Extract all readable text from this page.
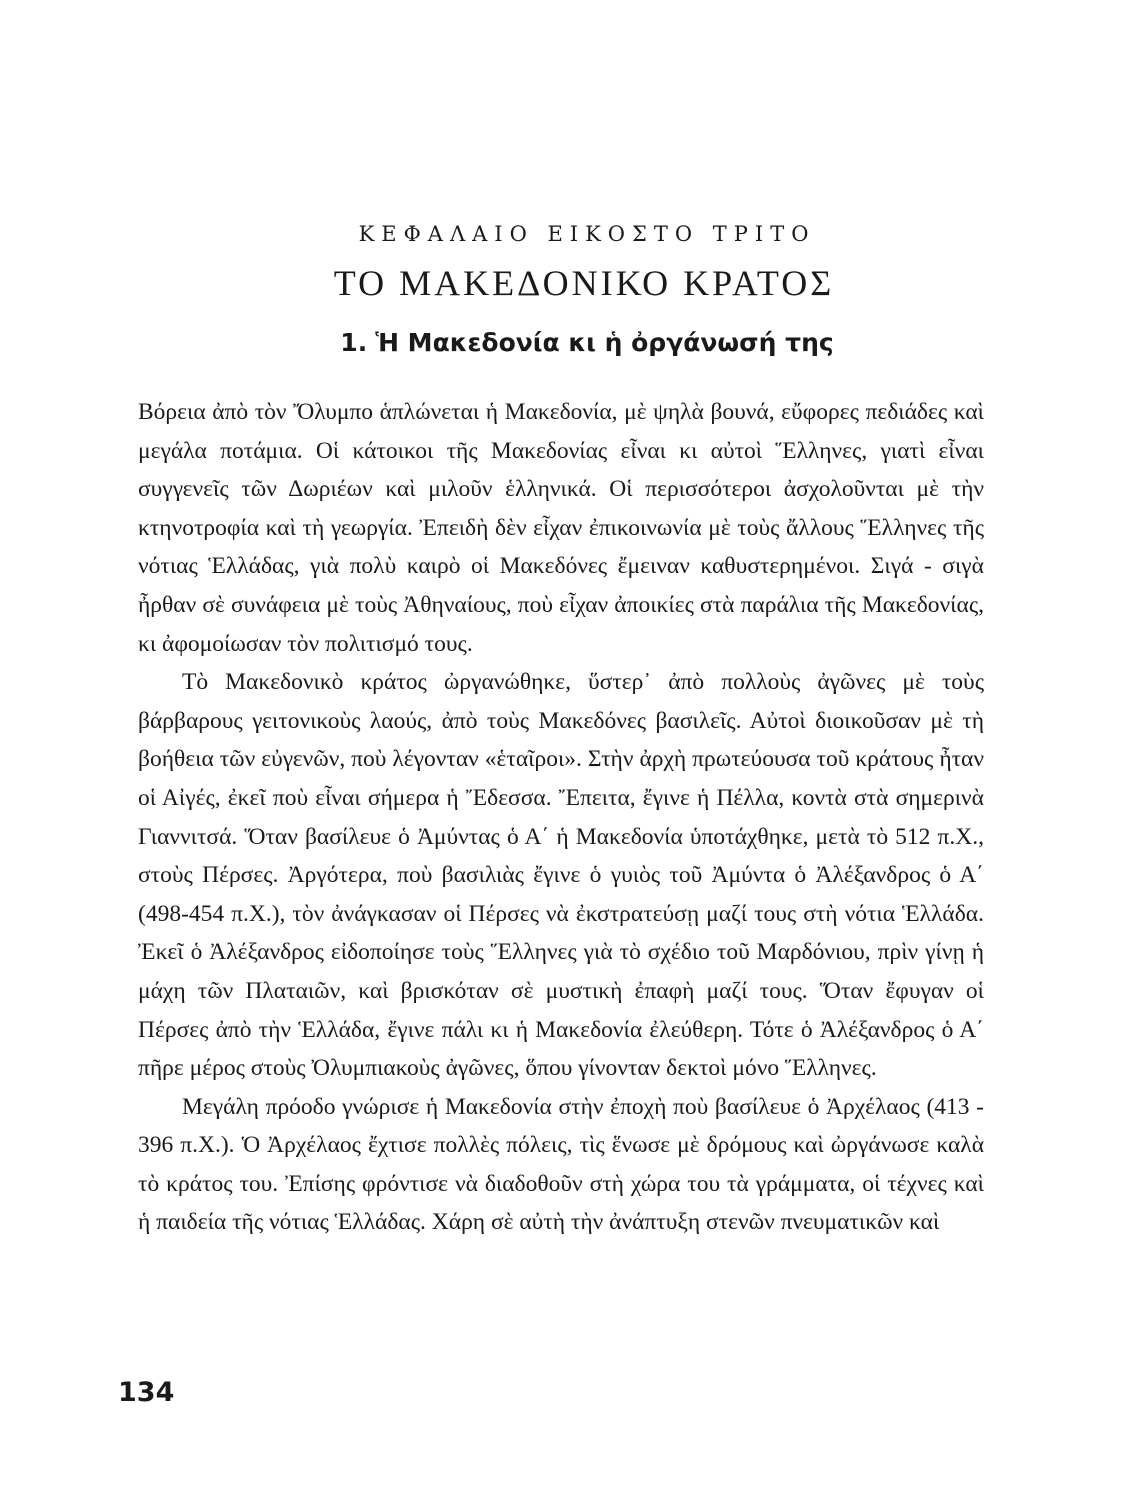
ΚΕΦΑΛΑΙΟ ΕΙΚΟΣΤΟ ΤΡΙΤΟ
ΤΟ ΜΑΚΕΔΟΝΙΚΟ ΚΡΑΤΟΣ
1. Ἡ Μακεδονία κι ἡ ὀργάνωσή της

Βόρεια ἀπὸ τὸν Ὄλυμπο ἁπλώνεται ἡ Μακεδονία, μὲ ψηλὰ βουνά, εὔφορες πεδιάδες καὶ μεγάλα ποτάμια. Οἱ κάτοικοι τῆς Μακεδονίας εἶναι κι αὐτοὶ Ἕλληνες, γιατὶ εἶναι συγγενεῖς τῶν Δωριέων καὶ μιλοῦν ἑλληνικά. Οἱ περισσότεροι ἀσχολοῦνται μὲ τὴν κτηνοτροφία καὶ τὴ γεωργία. Ἐπειδὴ δὲν εἶχαν ἐπικοινωνία μὲ τοὺς ἄλλους Ἕλληνες τῆς νότιας Ἑλλάδας, γιὰ πολὺ καιρὸ οἱ Μακεδόνες ἔμειναν καθυστερημένοι. Σιγά - σιγὰ ἦρθαν σὲ συνάφεια μὲ τοὺς Ἀθηναίους, ποὺ εἶχαν ἀποικίες στὰ παράλια τῆς Μακεδονίας, κι ἀφομοίωσαν τὸν πολιτισμό τους.

Τὸ Μακεδονικὸ κράτος ὠργανώθηκε, ὕστερ᾽ ἀπὸ πολλοὺς ἀγῶνες μὲ τοὺς βάρβαρους γειτονικοὺς λαούς, ἀπὸ τοὺς Μακεδόνες βασιλεῖς. Αὐτοὶ διοικοῦσαν μὲ τὴ βοήθεια τῶν εὐγενῶν, ποὺ λέγονταν «ἑταῖροι». Στὴν ἀρχὴ πρωτεύουσα τοῦ κράτους ἦταν οἱ Αἰγές, ἐκεῖ ποὺ εἶναι σήμερα ἡ Ἔδεσσα. Ἔπειτα, ἔγινε ἡ Πέλλα, κοντὰ στὰ σημερινὰ Γιαννιτσά. Ὅταν βασίλευε ὁ Ἀμύντας ὁ Α΄ ἡ Μακεδονία ὑποτάχθηκε, μετὰ τὸ 512 π.Χ., στοὺς Πέρσες. Ἀργότερα, ποὺ βασιλιὰς ἔγινε ὁ γυιὸς τοῦ Ἀμύντα ὁ Ἀλέξανδρος ὁ Α΄ (498-454 π.Χ.), τὸν ἀνάγκασαν οἱ Πέρσες νὰ ἐκστρατεύσῃ μαζί τους στὴ νότια Ἑλλάδα. Ἐκεῖ ὁ Ἀλέξανδρος εἰδοποίησε τοὺς Ἕλληνες γιὰ τὸ σχέδιο τοῦ Μαρδόνιου, πρὶν γίνῃ ἡ μάχη τῶν Πλαταιῶν, καὶ βρισκόταν σὲ μυστικὴ ἐπαφὴ μαζί τους. Ὅταν ἔφυγαν οἱ Πέρσες ἀπὸ τὴν Ἑλλάδα, ἔγινε πάλι κι ἡ Μακεδονία ἐλεύθερη. Τότε ὁ Ἀλέξανδρος ὁ Α΄ πῆρε μέρος στοὺς Ὀλυμπιακοὺς ἀγῶνες, ὅπου γίνονταν δεκτοὶ μόνο Ἕλληνες.

Μεγάλη πρόοδο γνώρισε ἡ Μακεδονία στὴν ἐποχὴ ποὺ βασίλευε ὁ Ἀρχέλαος (413 - 396 π.Χ.). Ὁ Ἀρχέλαος ἔχτισε πολλὲς πόλεις, τὶς ἕνωσε μὲ δρόμους καὶ ὠργάνωσε καλὰ τὸ κράτος του. Ἐπίσης φρόντισε νὰ διαδοθοῦν στὴ χώρα του τὰ γράμματα, οἱ τέχνες καὶ ἡ παιδεία τῆς νότιας Ἑλλάδας. Χάρη σὲ αὐτὴ τὴν ἀνάπτυξη στενῶν πνευματικῶν καὶ

134
